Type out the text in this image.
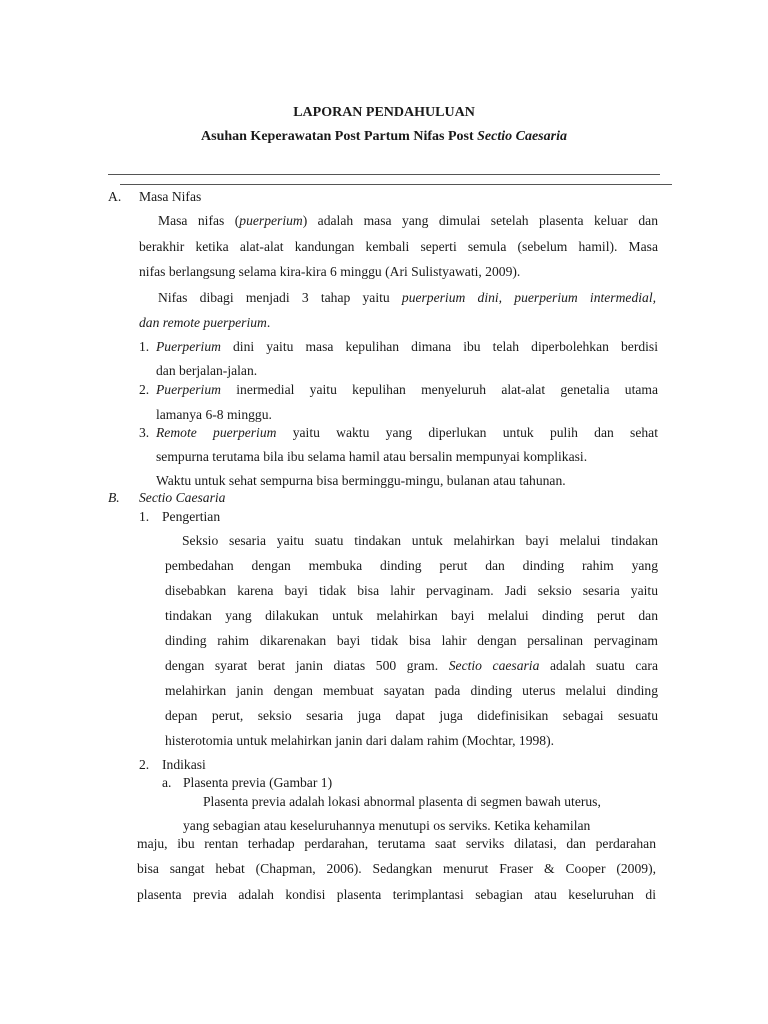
LAPORAN PENDAHULUAN
Asuhan Keperawatan Post Partum Nifas Post Sectio Caesaria
A. Masa Nifas
Masa nifas (puerperium) adalah masa yang dimulai setelah plasenta keluar dan
berakhir ketika alat-alat kandungan kembali seperti semula (sebelum hamil). Masa
nifas berlangsung selama kira-kira 6 minggu (Ari Sulistyawati, 2009).
Nifas dibagi menjadi 3 tahap yaitu puerperium dini, puerperium intermedial,
dan remote puerperium.
1. Puerperium dini yaitu masa kepulihan dimana ibu telah diperbolehkan berdisi
dan berjalan-jalan.
2. Puerperium inermedial yaitu kepulihan menyeluruh alat-alat genetalia utama
lamanya 6-8 minggu.
3. Remote puerperium yaitu waktu yang diperlukan untuk pulih dan sehat
sempurna terutama bila ibu selama hamil atau bersalin mempunyai komplikasi.
Waktu untuk sehat sempurna bisa berminggu-mingu, bulanan atau tahunan.
B. Sectio Caesaria
1. Pengertian
Seksio sesaria yaitu suatu tindakan untuk melahirkan bayi melalui tindakan
pembedahan dengan membuka dinding perut dan dinding rahim yang
disebabkan karena bayi tidak bisa lahir pervaginam. Jadi seksio sesaria yaitu
tindakan yang dilakukan untuk melahirkan bayi melalui dinding perut dan
dinding rahim dikarenakan bayi tidak bisa lahir dengan persalinan pervaginam
dengan syarat berat janin diatas 500 gram. Sectio caesaria adalah suatu cara
melahirkan janin dengan membuat sayatan pada dinding uterus melalui dinding
depan perut, seksio sesaria juga dapat juga didefinisikan sebagai sesuatu
histerotomia untuk melahirkan janin dari dalam rahim (Mochtar, 1998).
2. Indikasi
a. Plasenta previa (Gambar 1)
Plasenta previa adalah lokasi abnormal plasenta di segmen bawah uterus,
yang sebagian atau keseluruhannya menutupi os serviks. Ketika kehamilan
maju, ibu rentan terhadap perdarahan, terutama saat serviks dilatasi, dan perdarahan
bisa sangat hebat (Chapman, 2006). Sedangkan menurut Fraser & Cooper (2009),
plasenta previa adalah kondisi plasenta terimplantasi sebagian atau keseluruhan di
